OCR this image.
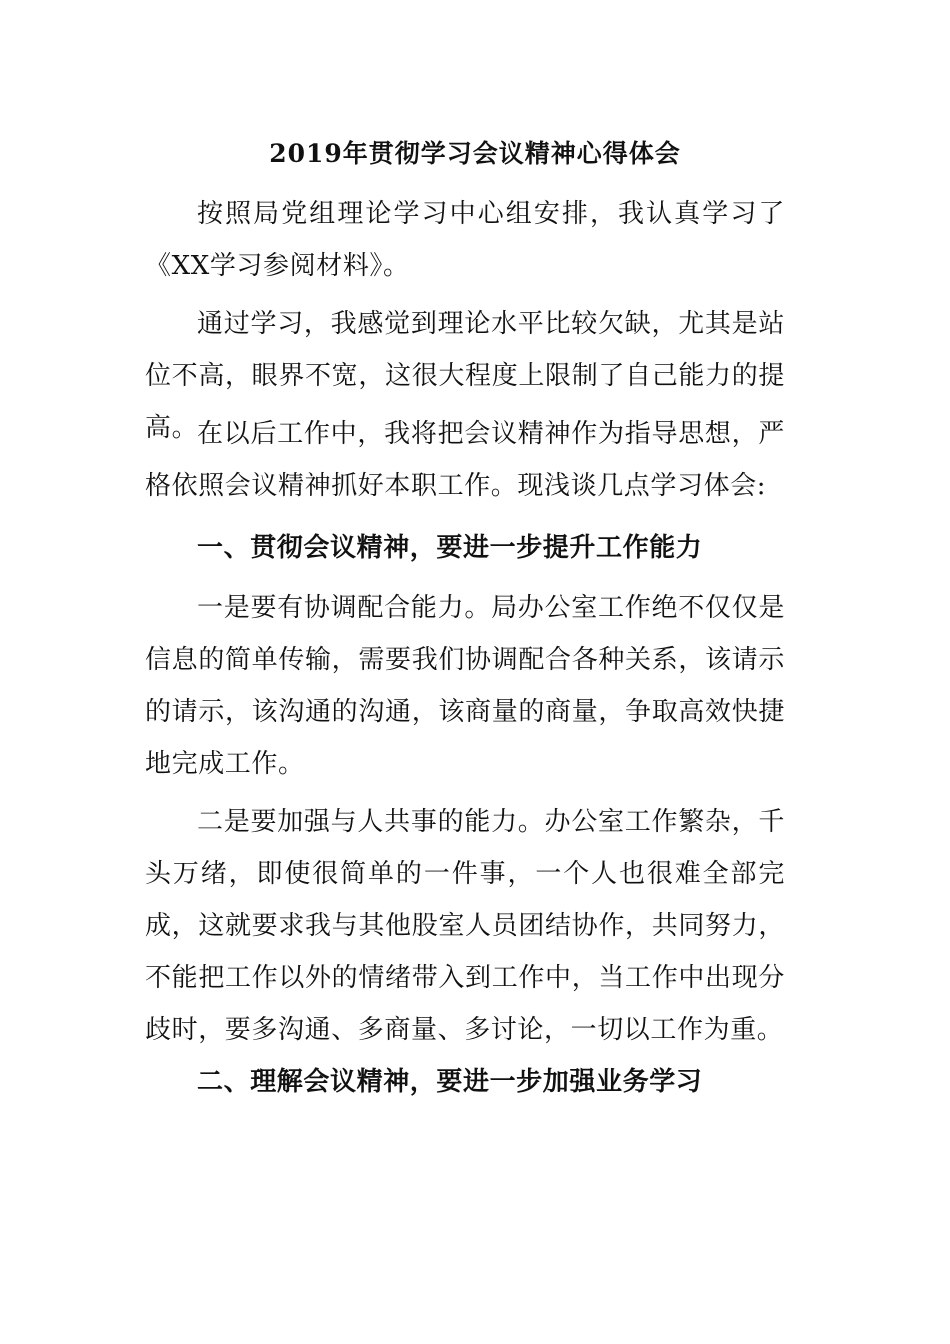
2019年贯彻学习会议精神心得体会

按照局党组理论学习中心组安排，我认真学习了《XX学习参阅材料》。

通过学习，我感觉到理论水平比较欠缺，尤其是站位不高，眼界不宽，这很大程度上限制了自己能力的提高。

在以后工作中，我将把会议精神作为指导思想，严格依照会议精神抓好本职工作。现浅谈几点学习体会:

一、贯彻会议精神，要进一步提升工作能力

一是要有协调配合能力。局办公室工作绝不仅仅是信息的简单传输，需要我们协调配合各种关系，该请示的请示，该沟通的沟通，该商量的商量，争取高效快捷地完成工作。

二是要加强与人共事的能力。办公室工作繁杂，千头万绪，即使很简单的一件事，一个人也很难全部完成，这就要求我与其他股室人员团结协作，共同努力，不能把工作以外的情绪带入到工作中，当工作中出现分歧时，要多沟通、多商量、多讨论，一切以工作为重。

二、理解会议精神，要进一步加强业务学习
